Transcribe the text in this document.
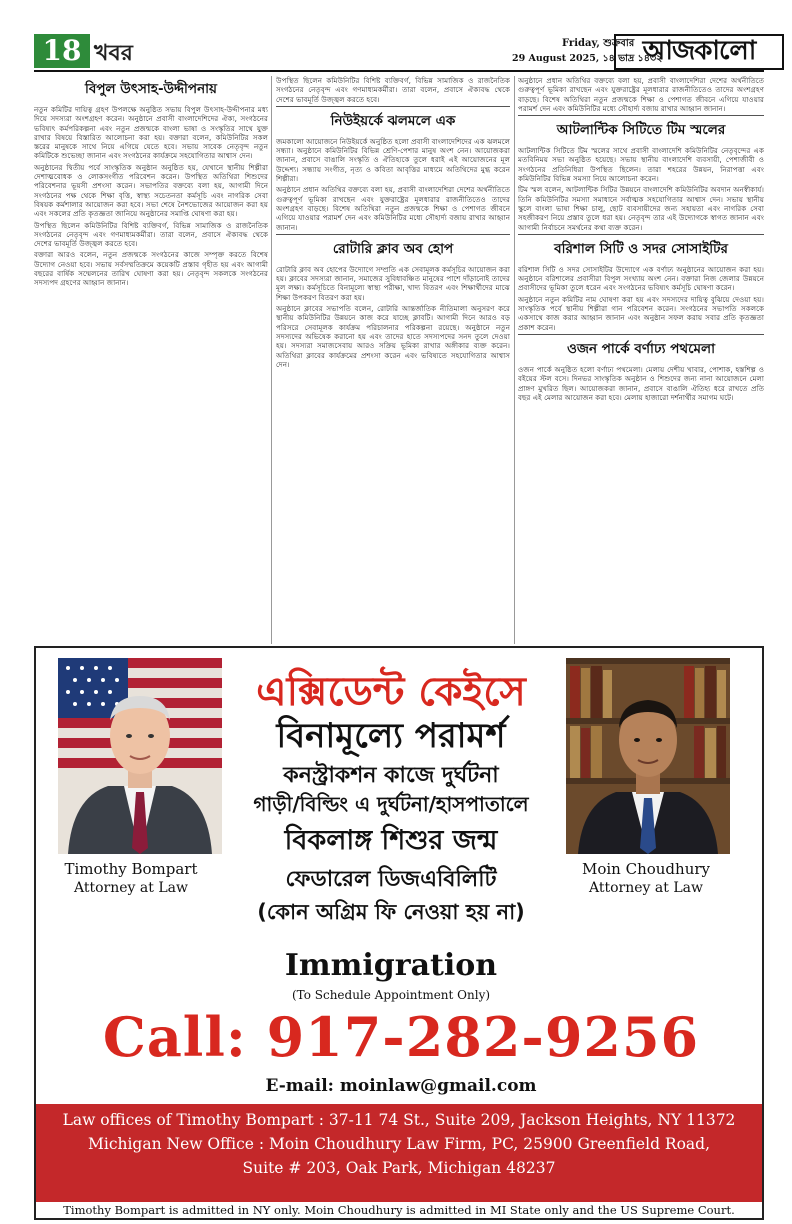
18 খবর	Friday, শুক্রবার
29 August 2025, ১৪ ভাদ্র ১৪৩২
আজকালো
বিপুল উৎসাহ-উদ্দীপনায়

নতুন কমিটির দায়িত্ব গ্রহণ উপলক্ষে অনুষ্ঠিত সভায় বিপুল উৎসাহ-উদ্দীপনার মধ্য দিয়ে সদস্যরা অংশগ্রহণ করেন। অনুষ্ঠানে প্রবাসী বাংলাদেশিদের ঐক্য, সংগঠনের ভবিষ্যৎ কর্মপরিকল্পনা এবং নতুন প্রজন্মকে বাংলা ভাষা ও সংস্কৃতির সাথে যুক্ত রাখার বিষয়ে বিস্তারিত আলোচনা করা হয়। বক্তারা বলেন, কমিউনিটির সকল স্তরের মানুষকে সাথে নিয়ে এগিয়ে যেতে হবে। সভায় সাবেক নেতৃবৃন্দ নতুন কমিটিকে শুভেচ্ছা জানান এবং সংগঠনের কার্যক্রমে সহযোগিতার আশ্বাস দেন।

অনুষ্ঠানের দ্বিতীয় পর্বে সাংস্কৃতিক অনুষ্ঠান অনুষ্ঠিত হয়, যেখানে স্থানীয় শিল্পীরা দেশাত্মবোধক ও লোকসংগীত পরিবেশন করেন। উপস্থিত অতিথিরা শিশুদের পরিবেশনার ভূয়সী প্রশংসা করেন। সভাপতির বক্তব্যে বলা হয়, আগামী দিনে সংগঠনের পক্ষ থেকে শিক্ষা বৃত্তি, স্বাস্থ্য সচেতনতা কর্মসূচি এবং নাগরিক সেবা বিষয়ক কর্মশালার আয়োজন করা হবে। সভা শেষে নৈশভোজের আয়োজন করা হয় এবং সকলের প্রতি কৃতজ্ঞতা জানিয়ে অনুষ্ঠানের সমাপ্তি ঘোষণা করা হয়।

উপস্থিত ছিলেন কমিউনিটির বিশিষ্ট ব্যক্তিবর্গ, বিভিন্ন সামাজিক ও রাজনৈতিক সংগঠনের নেতৃবৃন্দ এবং গণমাধ্যমকর্মীরা। তারা বলেন, প্রবাসে ঐক্যবদ্ধ থেকে দেশের ভাবমূর্তি উজ্জ্বল করতে হবে।

বক্তারা আরও বলেন, নতুন প্রজন্মকে সংগঠনের কাজে সম্পৃক্ত করতে বিশেষ উদ্যোগ নেওয়া হবে। সভায় সর্বসম্মতিক্রমে কয়েকটি প্রস্তাব গৃহীত হয় এবং আগামী বছরের বার্ষিক সম্মেলনের তারিখ ঘোষণা করা হয়। নেতৃবৃন্দ সকলকে সংগঠনের সদস্যপদ গ্রহণের আহ্বান জানান।

উপস্থিত ছিলেন কমিউনিটির বিশিষ্ট ব্যক্তিবর্গ, বিভিন্ন সামাজিক ও রাজনৈতিক সংগঠনের নেতৃবৃন্দ এবং গণমাধ্যমকর্মীরা। তারা বলেন, প্রবাসে ঐক্যবদ্ধ থেকে দেশের ভাবমূর্তি উজ্জ্বল করতে হবে।

নিউইয়র্কে ঝলমলে এক

জমকালো আয়োজনে নিউইয়র্কে অনুষ্ঠিত হলো প্রবাসী বাংলাদেশিদের এক ঝলমলে সন্ধ্যা। অনুষ্ঠানে কমিউনিটির বিভিন্ন শ্রেণি-পেশার মানুষ অংশ নেন। আয়োজকরা জানান, প্রবাসে বাঙালি সংস্কৃতি ও ঐতিহ্যকে তুলে ধরাই এই আয়োজনের মূল উদ্দেশ্য। সন্ধ্যায় সংগীত, নৃত্য ও কবিতা আবৃত্তির মাধ্যমে অতিথিদের মুগ্ধ করেন শিল্পীরা।

অনুষ্ঠানে প্রধান অতিথির বক্তব্যে বলা হয়, প্রবাসী বাংলাদেশিরা দেশের অর্থনীতিতে গুরুত্বপূর্ণ ভূমিকা রাখছেন এবং যুক্তরাষ্ট্রের মূলধারার রাজনীতিতেও তাদের অংশগ্রহণ বাড়ছে। বিশেষ অতিথিরা নতুন প্রজন্মকে শিক্ষা ও পেশাগত জীবনে এগিয়ে যাওয়ার পরামর্শ দেন এবং কমিউনিটির মধ্যে সৌহার্দ্য বজায় রাখার আহ্বান জানান।

রোটারি ক্লাব অব হোপ

রোটারি ক্লাব অব হোপের উদ্যোগে সম্প্রতি এক সেবামূলক কর্মসূচির আয়োজন করা হয়। ক্লাবের সদস্যরা জানান, সমাজের সুবিধাবঞ্চিত মানুষের পাশে দাঁড়ানোই তাদের মূল লক্ষ্য। কর্মসূচিতে বিনামূল্যে স্বাস্থ্য পরীক্ষা, খাদ্য বিতরণ এবং শিক্ষার্থীদের মাঝে শিক্ষা উপকরণ বিতরণ করা হয়।

অনুষ্ঠানে ক্লাবের সভাপতি বলেন, রোটারি আন্তর্জাতিক নীতিমালা অনুসরণ করে স্থানীয় কমিউনিটির উন্নয়নে কাজ করে যাচ্ছে ক্লাবটি। আগামী দিনে আরও বড় পরিসরে সেবামূলক কার্যক্রম পরিচালনার পরিকল্পনা রয়েছে। অনুষ্ঠানে নতুন সদস্যদের অভিষেক করানো হয় এবং তাদের হাতে সদস্যপদের সনদ তুলে দেওয়া হয়। সদস্যরা সমাজসেবায় আরও সক্রিয় ভূমিকা রাখার অঙ্গীকার ব্যক্ত করেন। অতিথিরা ক্লাবের কার্যক্রমের প্রশংসা করেন এবং ভবিষ্যতে সহযোগিতার আশ্বাস দেন।

অনুষ্ঠানে প্রধান অতিথির বক্তব্যে বলা হয়, প্রবাসী বাংলাদেশিরা দেশের অর্থনীতিতে গুরুত্বপূর্ণ ভূমিকা রাখছেন এবং যুক্তরাষ্ট্রের মূলধারার রাজনীতিতেও তাদের অংশগ্রহণ বাড়ছে। বিশেষ অতিথিরা নতুন প্রজন্মকে শিক্ষা ও পেশাগত জীবনে এগিয়ে যাওয়ার পরামর্শ দেন এবং কমিউনিটির মধ্যে সৌহার্দ্য বজায় রাখার আহ্বান জানান।

আটলান্টিক সিটিতে টিম স্মলের

আটলান্টিক সিটিতে টিম স্মলের সাথে প্রবাসী বাংলাদেশি কমিউনিটির নেতৃবৃন্দের এক মতবিনিময় সভা অনুষ্ঠিত হয়েছে। সভায় স্থানীয় বাংলাদেশি ব্যবসায়ী, পেশাজীবী ও সংগঠনের প্রতিনিধিরা উপস্থিত ছিলেন। তারা শহরের উন্নয়ন, নিরাপত্তা এবং কমিউনিটির বিভিন্ন সমস্যা নিয়ে আলোচনা করেন।

টিম স্মল বলেন, আটলান্টিক সিটির উন্নয়নে বাংলাদেশি কমিউনিটির অবদান অনস্বীকার্য। তিনি কমিউনিটির সমস্যা সমাধানে সর্বাত্মক সহযোগিতার আশ্বাস দেন। সভায় স্থানীয় স্কুলে বাংলা ভাষা শিক্ষা চালু, ছোট ব্যবসায়ীদের জন্য সহায়তা এবং নাগরিক সেবা সহজীকরণ নিয়ে প্রস্তাব তুলে ধরা হয়। নেতৃবৃন্দ তার এই উদ্যোগকে স্বাগত জানান এবং আগামী নির্বাচনে সমর্থনের কথা ব্যক্ত করেন।

বরিশাল সিটি ও সদর সোসাইটির

বরিশাল সিটি ও সদর সোসাইটির উদ্যোগে এক বর্ণাঢ্য অনুষ্ঠানের আয়োজন করা হয়। অনুষ্ঠানে বরিশালের প্রবাসীরা বিপুল সংখ্যায় অংশ নেন। বক্তারা নিজ জেলার উন্নয়নে প্রবাসীদের ভূমিকা তুলে ধরেন এবং সংগঠনের ভবিষ্যৎ কর্মসূচি ঘোষণা করেন।

অনুষ্ঠানে নতুন কমিটির নাম ঘোষণা করা হয় এবং সদস্যদের দায়িত্ব বুঝিয়ে দেওয়া হয়। সাংস্কৃতিক পর্বে স্থানীয় শিল্পীরা গান পরিবেশন করেন। সংগঠনের সভাপতি সকলকে একসাথে কাজ করার আহ্বান জানান এবং অনুষ্ঠান সফল করায় সবার প্রতি কৃতজ্ঞতা প্রকাশ করেন।

ওজন পার্কে বর্ণাঢ্য পথমেলা

ওজন পার্কে অনুষ্ঠিত হলো বর্ণাঢ্য পথমেলা। মেলায় দেশীয় খাবার, পোশাক, হস্তশিল্প ও বইয়ের স্টল বসে। দিনভর সাংস্কৃতিক অনুষ্ঠান ও শিশুদের জন্য নানা আয়োজনে মেলা প্রাঙ্গণ মুখরিত ছিল। আয়োজকরা জানান, প্রবাসে বাঙালি ঐতিহ্য ধরে রাখতে প্রতি বছর এই মেলার আয়োজন করা হবে। মেলায় হাজারো দর্শনার্থীর সমাগম ঘটে।

Timothy Bompart
Attorney at Law
Moin Choudhury
Attorney at Law
এক্সিডেন্ট কেইসে
বিনামূল্যে পরামর্শ
কনস্ট্রাকশন কাজে দুর্ঘটনা
গাড়ী/বিল্ডিং এ দুর্ঘটনা/হাসপাতালে
বিকলাঙ্গ শিশুর জন্ম
ফেডারেল ডিজএবিলিটি
(কোন অগ্রিম ফি নেওয়া হয় না)
Immigration
(To Schedule Appointment Only)
Call: 917-282-9256
E-mail: moinlaw@gmail.com
Law offices of Timothy Bompart : 37-11 74 St., Suite 209, Jackson Heights, NY 11372
Michigan New Office : Moin Choudhury Law Firm, PC, 25900 Greenfield Road,
Suite # 203, Oak Park, Michigan 48237
Timothy Bompart is admitted in NY only. Moin Choudhury is admitted in MI State only and the US Supreme Court.
